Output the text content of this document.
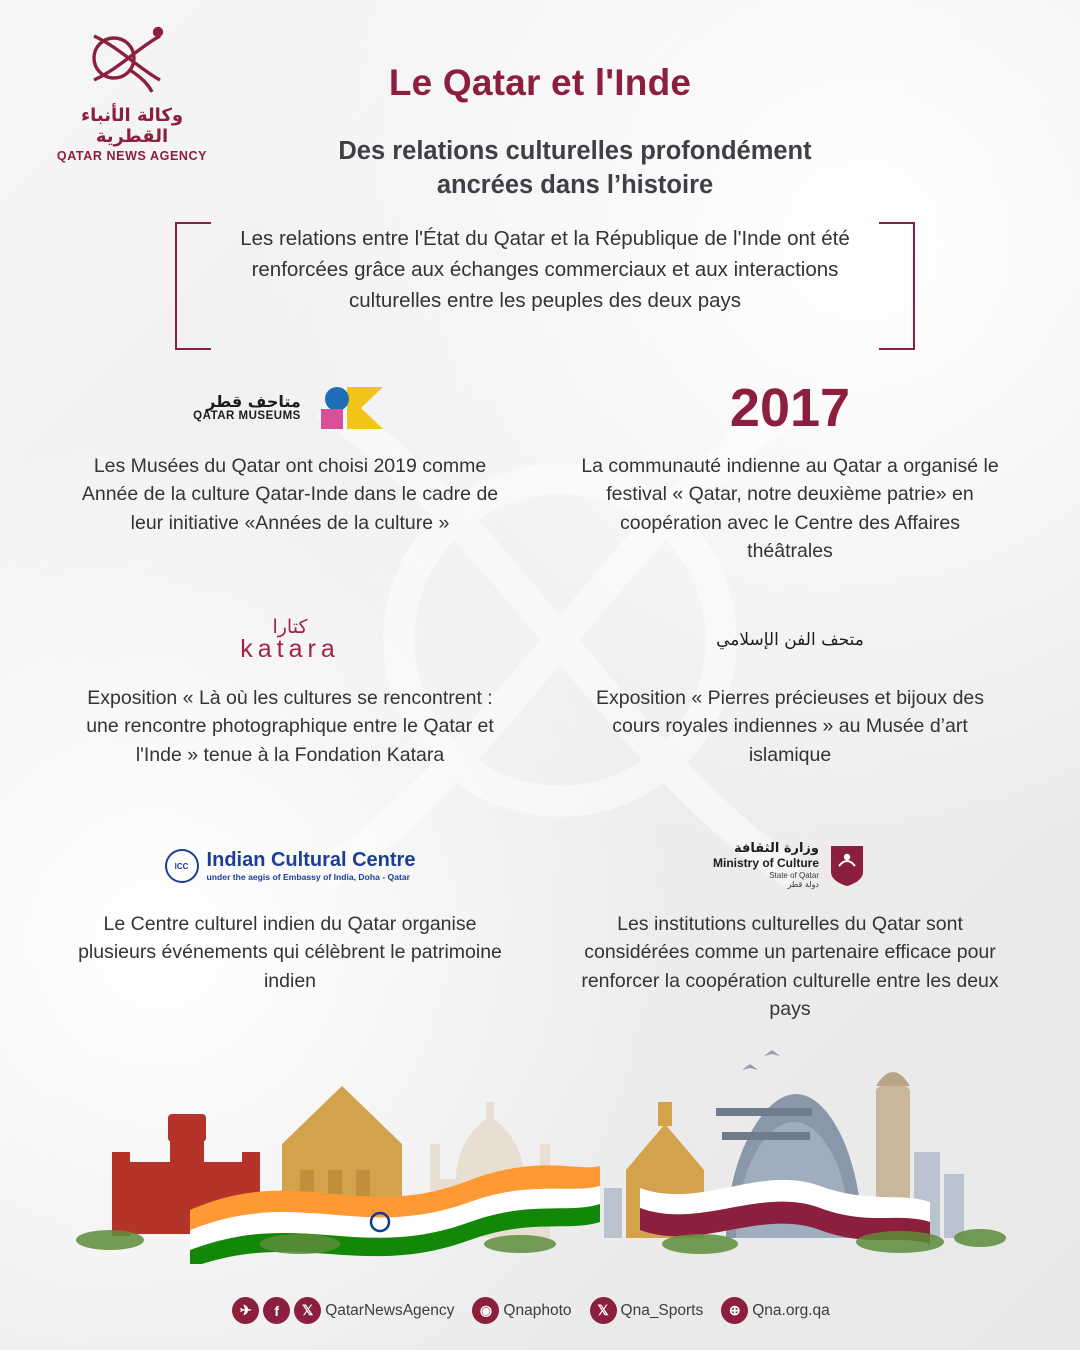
وكالة الأنباء القطرية
QATAR NEWS AGENCY
Le Qatar et l'Inde
Des relations culturelles profondément
ancrées dans l’histoire
Les relations entre l'État du Qatar et la République de l'Inde ont été renforcées grâce aux échanges commerciaux et aux interactions culturelles entre les peuples des deux pays
متاحف قطر
QATAR MUSEUMS

Les Musées du Qatar ont choisi 2019 comme Année de la culture Qatar-Inde dans le cadre de leur initiative «Années de la culture »

2017

La communauté indienne au Qatar a organisé le festival « Qatar, notre deuxième patrie» en coopération avec le Centre des Affaires théâtrales

كتارا
katara

Exposition « Là où les cultures se rencontrent : une rencontre photographique entre le Qatar et l'Inde » tenue à la Fondation Katara

متحف الفن الإسلامي

Exposition « Pierres précieuses et bijoux des cours royales indiennes » au Musée d’art islamique

ICC Indian Cultural Centre
under the aegis of Embassy of India, Doha - Qatar

Le Centre culturel indien du Qatar organise plusieurs événements qui célèbrent le patrimoine indien

وزارة الثقافة
Ministry of Culture
State of Qatar
دولة قطر

Les institutions culturelles du Qatar sont considérées comme un partenaire efficace pour renforcer la coopération culturelle entre les deux pays

✈	f	𝕏 QatarNewsAgency	◉ Qnaphoto	𝕏 Qna_Sports	⊕ Qna.org.qa
